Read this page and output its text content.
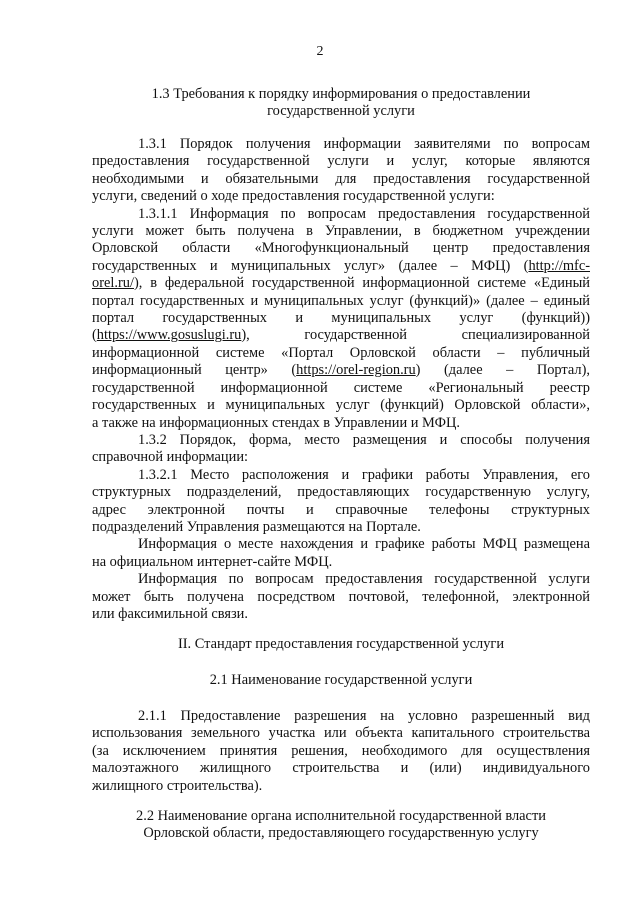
2
1.3 Требования к порядку информирования о предоставлении
государственной услуги
1.3.1 Порядок получения информации заявителями по вопросам
предоставления государственной услуги и услуг, которые являются
необходимыми и обязательными для предоставления государственной
услуги, сведений о ходе предоставления государственной услуги:
1.3.1.1 Информация по вопросам предоставления государственной
услуги может быть получена в Управлении, в бюджетном учреждении
Орловской области «Многофункциональный центр предоставления
государственных и муниципальных услуг» (далее – МФЦ) (http://mfc-
orel.ru/), в федеральной государственной информационной системе «Единый
портал государственных и муниципальных услуг (функций)» (далее – единый
портал государственных и муниципальных услуг (функций))
(https://www.gosuslugi.ru), государственной специализированной
информационной системе «Портал Орловской области – публичный
информационный центр» (https://orel-region.ru) (далее – Портал),
государственной информационной системе «Региональный реестр
государственных и муниципальных услуг (функций) Орловской области»,
а также на информационных стендах в Управлении и МФЦ.
1.3.2 Порядок, форма, место размещения и способы получения
справочной информации:
1.3.2.1 Место расположения и графики работы Управления, его
структурных подразделений, предоставляющих государственную услугу,
адрес электронной почты и справочные телефоны структурных
подразделений Управления размещаются на Портале.
Информация о месте нахождения и графике работы МФЦ размещена
на официальном интернет-сайте МФЦ.
Информация по вопросам предоставления государственной услуги
может быть получена посредством почтовой, телефонной, электронной
или факсимильной связи.
II. Стандарт предоставления государственной услуги
2.1 Наименование государственной услуги
2.1.1 Предоставление разрешения на условно разрешенный вид
использования земельного участка или объекта капитального строительства
(за исключением принятия решения, необходимого для осуществления
малоэтажного жилищного строительства и (или) индивидуального
жилищного строительства).
2.2 Наименование органа исполнительной государственной власти
Орловской области, предоставляющего государственную услугу
